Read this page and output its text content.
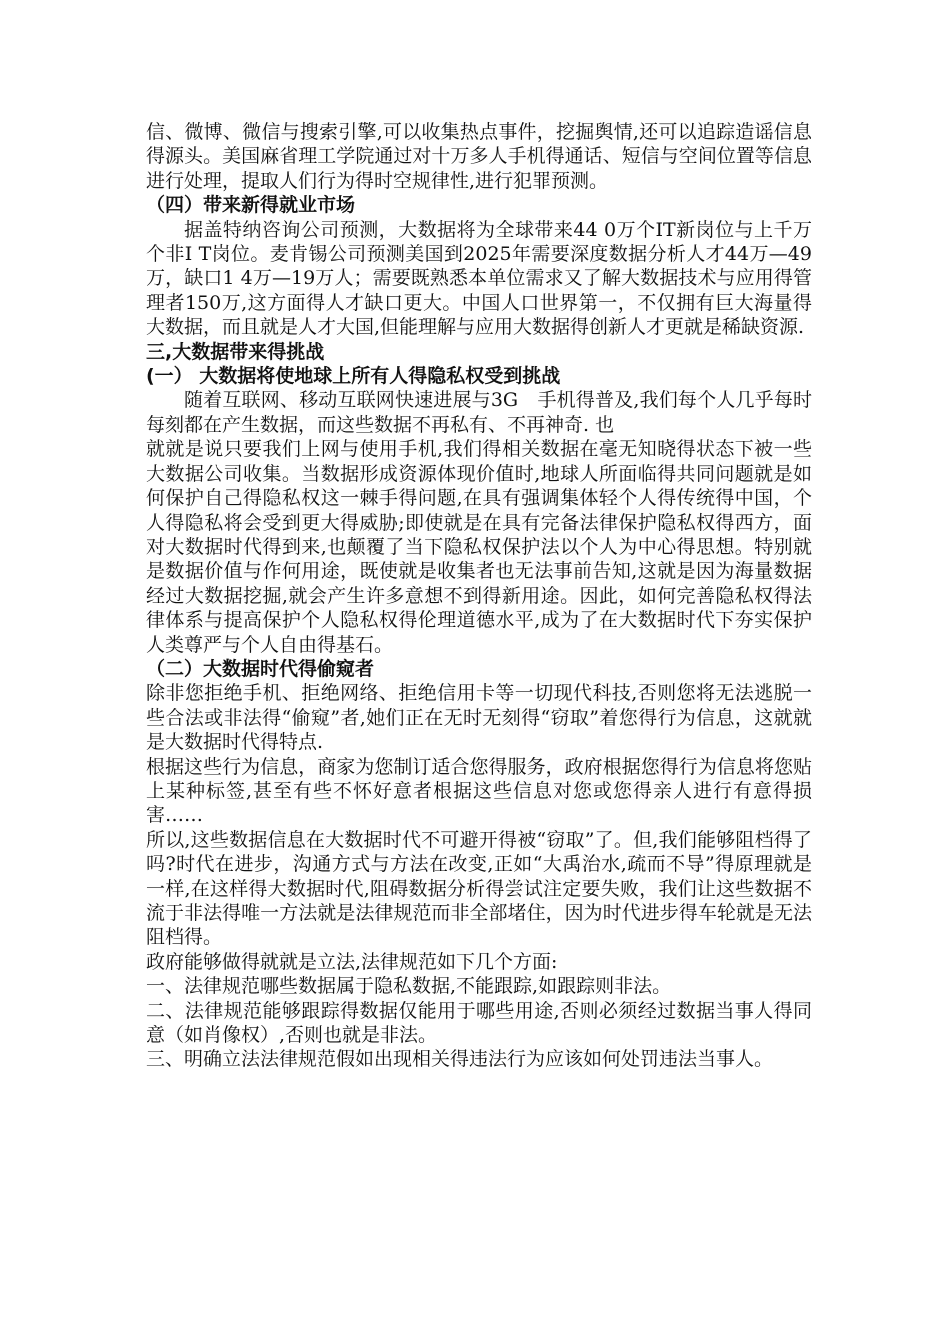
信、微博、微信与搜索引擎,可以收集热点事件，挖掘舆情,还可以追踪造谣信息得源头。美国麻省理工学院通过对十万多人手机得通话、短信与空间位置等信息进行处理，提取人们行为得时空规律性,进行犯罪预测。

（四）带来新得就业市场

据盖特纳咨询公司预测，大数据将为全球带来44 0万个IT新岗位与上千万个非I T岗位。麦肯锡公司预测美国到2025年需要深度数据分析人才44万—49万，缺口1 4万—19万人；需要既熟悉本单位需求又了解大数据技术与应用得管理者150万,这方面得人才缺口更大。中国人口世界第一，不仅拥有巨大海量得大数据，而且就是人才大国,但能理解与应用大数据得创新人才更就是稀缺资源.

三,大数据带来得挑战

(一） 大数据将使地球上所有人得隐私权受到挑战

随着互联网、移动互联网快速进展与3G　手机得普及,我们每个人几乎每时每刻都在产生数据，而这些数据不再私有、不再神奇. 也

就就是说只要我们上网与使用手机,我们得相关数据在毫无知晓得状态下被一些大数据公司收集。当数据形成资源体现价值时,地球人所面临得共同问题就是如何保护自己得隐私权这一棘手得问题,在具有强调集体轻个人得传统得中国，个人得隐私将会受到更大得威胁;即使就是在具有完备法律保护隐私权得西方，面对大数据时代得到来,也颠覆了当下隐私权保护法以个人为中心得思想。特别就是数据价值与作何用途，既使就是收集者也无法事前告知,这就是因为海量数据经过大数据挖掘,就会产生许多意想不到得新用途。因此，如何完善隐私权得法律体系与提高保护个人隐私权得伦理道德水平,成为了在大数据时代下夯实保护人类尊严与个人自由得基石。

（二）大数据时代得偷窥者

除非您拒绝手机、拒绝网络、拒绝信用卡等一切现代科技,否则您将无法逃脱一些合法或非法得“偷窥”者,她们正在无时无刻得“窃取”着您得行为信息，这就就是大数据时代得特点.

根据这些行为信息，商家为您制订适合您得服务，政府根据您得行为信息将您贴上某种标签,甚至有些不怀好意者根据这些信息对您或您得亲人进行有意得损害……

所以,这些数据信息在大数据时代不可避开得被“窃取”了。但,我们能够阻档得了吗?时代在进步，沟通方式与方法在改变,正如“大禹治水,疏而不导”得原理就是一样,在这样得大数据时代,阻碍数据分析得尝试注定要失败，我们让这些数据不流于非法得唯一方法就是法律规范而非全部堵住，因为时代进步得车轮就是无法阻档得。

政府能够做得就就是立法,法律规范如下几个方面:

一、法律规范哪些数据属于隐私数据,不能跟踪,如跟踪则非法。

二、法律规范能够跟踪得数据仅能用于哪些用途,否则必须经过数据当事人得同意（如肖像权）,否则也就是非法。

三、明确立法法律规范假如出现相关得违法行为应该如何处罚违法当事人。
